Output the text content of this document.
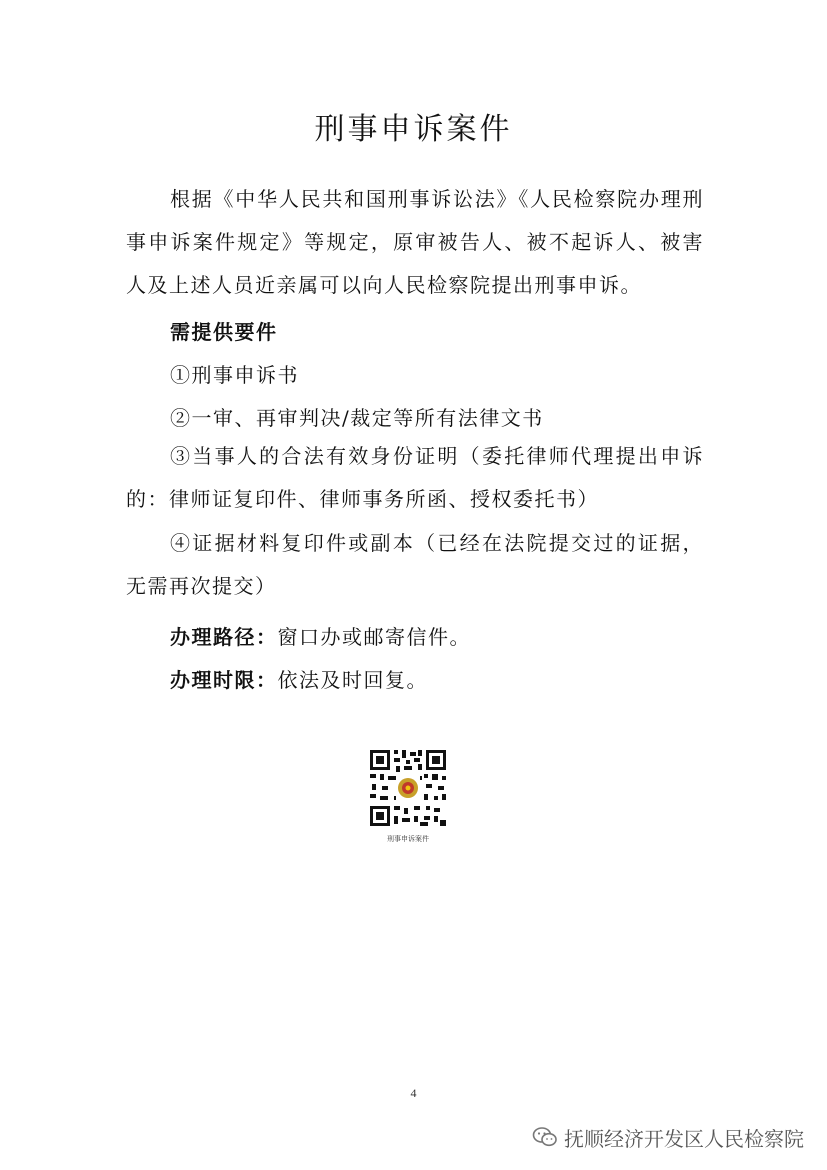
刑事申诉案件

根据《中华人民共和国刑事诉讼法》《人民检察院办理刑事申诉案件规定》等规定，原审被告人、被不起诉人、被害人及上述人员近亲属可以向人民检察院提出刑事申诉。

需提供要件

①刑事申诉书

②一审、再审判决/裁定等所有法律文书

③当事人的合法有效身份证明（委托律师代理提出申诉的：律师证复印件、律师事务所函、授权委托书）

④证据材料复印件或副本（已经在法院提交过的证据，无需再次提交）

办理路径：窗口办或邮寄信件。

办理时限：依法及时回复。

刑事申诉案件
4
抚顺经济开发区人民检察院
